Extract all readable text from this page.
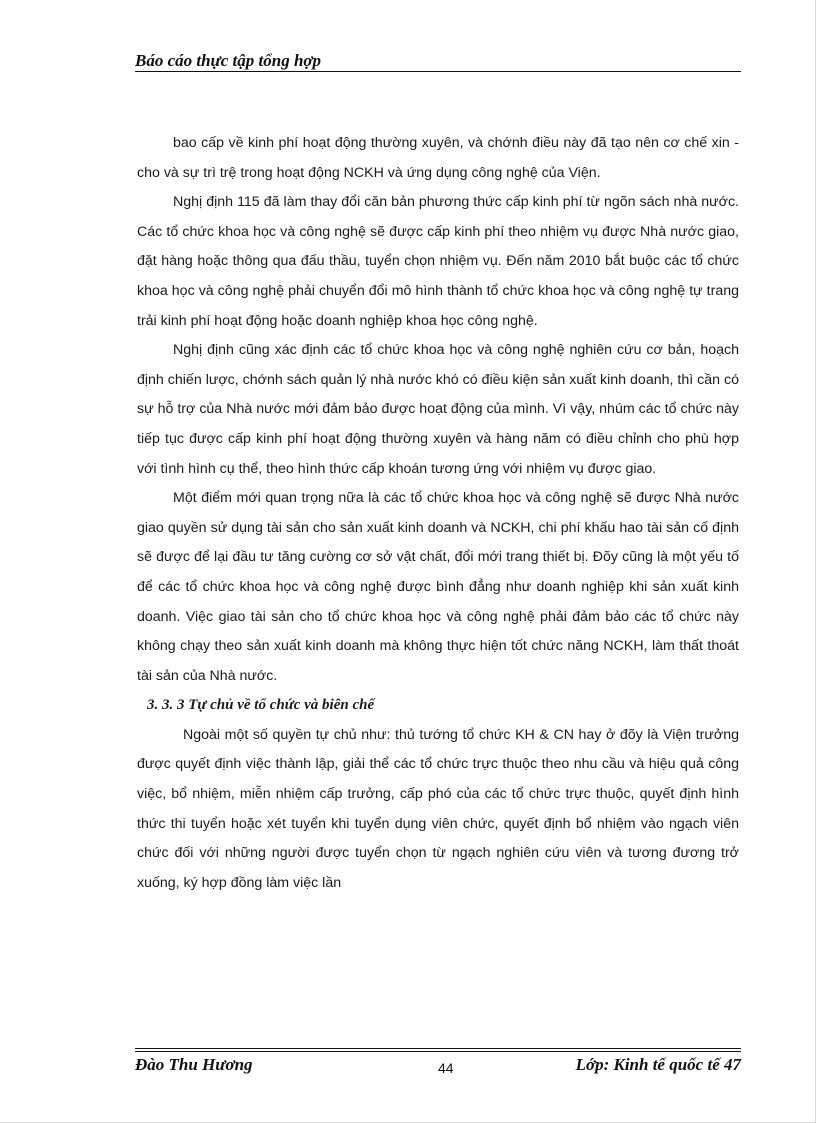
Báo cáo thực tập tổng hợp

bao cấp về kinh phí hoạt động thường xuyên, và chớnh điều này đã tạo nên cơ chế xin - cho và sự trì trệ trong hoạt động NCKH và ứng dụng công nghệ của Viện.

Nghị định 115 đã làm thay đổi căn bản phương thức cấp kinh phí từ ngõn sách nhà nước. Các tổ chức khoa học và công nghệ sẽ được cấp kinh phí theo nhiệm vụ được Nhà nước giao, đặt hàng hoặc thông qua đấu thầu, tuyển chọn nhiệm vụ. Đến năm 2010 bắt buộc các tổ chức khoa học và công nghệ phải chuyển đổi mô hình thành tổ chức khoa học và công nghệ tự trang trải kinh phí hoạt động hoặc doanh nghiệp khoa học công nghệ.

Nghị định cũng xác định các tổ chức khoa học và công nghệ nghiên cứu cơ bản, hoạch định chiến lược, chớnh sách quản lý nhà nước khó có điều kiện sản xuất kinh doanh, thì cần có sự hỗ trợ của Nhà nước mới đảm bảo được hoạt động của mình. Vì vậy, nhúm các tổ chức này tiếp tục được cấp kinh phí hoạt động thường xuyên và hàng năm có điều chỉnh cho phù hợp với tình hình cụ thể, theo hình thức cấp khoán tương ứng với nhiệm vụ được giao.

Một điểm mới quan trọng nữa là các tổ chức khoa học và công nghệ sẽ được Nhà nước giao quyền sử dụng tài sản cho sản xuất kinh doanh và NCKH, chi phí khấu hao tài sản cố định sẽ được để lại đầu tư tăng cường cơ sở vật chất, đổi mới trang thiết bị. Đõy cũng là một yếu tố để các tổ chức khoa học và công nghệ được bình đẳng như doanh nghiệp khi sản xuất kinh doanh. Việc giao tài sản cho tổ chức khoa học và công nghệ phải đảm bảo các tổ chức này không chạy theo sản xuất kinh doanh mà không thực hiện tốt chức năng NCKH, làm thất thoát tài sản của Nhà nước.

3. 3. 3 Tự chủ về tổ chức và biên chế

Ngoài một số quyền tự chủ như: thủ tướng tổ chức KH & CN hay ở đõy là Viện trưởng được quyết định việc thành lập, giải thể các tổ chức trực thuộc theo nhu cầu và hiệu quả công việc, bổ nhiệm, miễn nhiệm cấp trưởng, cấp phó của các tổ chức trực thuộc, quyết định hình thức thi tuyển hoặc xét tuyển khi tuyển dụng viên chức, quyết định bổ nhiệm vào ngạch viên chức đối với những người được tuyển chọn từ ngạch nghiên cứu viên và tương đương trở xuống, ký hợp đồng làm việc lần

Đào Thu Hương	44	Lớp: Kinh tế quốc tế 47
